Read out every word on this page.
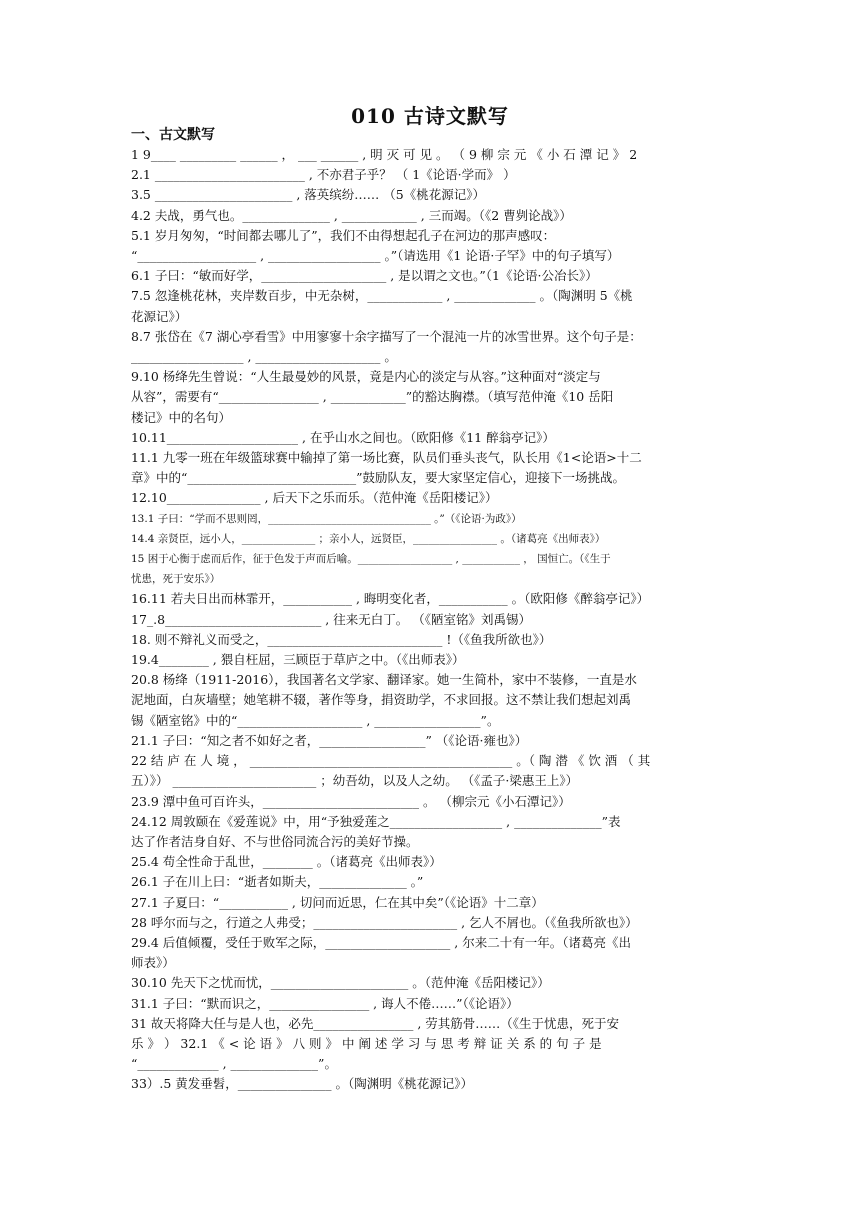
010 古诗文默写
一、古文默写
1 9____ _________ ______ ， ___ ______ , 明 灭 可 见 。 （ 9 柳 宗 元 《 小 石 潭 记 》 2
2.1 ________________________ , 不亦君子乎？ （ 1《论语·学而》 ）
3.5 ______________________ , 落英缤纷…… （5《桃花源记》）
4.2 夫战，勇气也。______________ , ____________ , 三而竭。（《2 曹刿论战》）
5.1 岁月匆匆，“时间都去哪儿了”，我们不由得想起孔子在河边的那声感叹：
“___________________ , __________________ 。”（请选用《1 论语·子罕》中的句子填写）
6.1 子曰：“敏而好学，____________________ , 是以谓之文也。”（1《论语·公冶长》）
7.5 忽逢桃花林，夹岸数百步，中无杂树，____________ , _____________ 。（陶渊明 5《桃
花源记》）
8.7 张岱在《7 湖心亭看雪》中用寥寥十余字描写了一个混沌一片的冰雪世界。这个句子是：
__________________ , ____________________ 。
9.10 杨绛先生曾说：“人生最曼妙的风景，竟是内心的淡定与从容。”这种面对“淡定与
从容”，需要有“________________ , ____________”的豁达胸襟。（填写范仲淹《10 岳阳
楼记》中的名句）
10.11_____________________ , 在乎山水之间也。（欧阳修《11 醉翁亭记》）
11.1 九零一班在年级篮球赛中输掉了第一场比赛，队员们垂头丧气，队长用《1<论语>十二
章》中的“___________________________”鼓励队友，要大家坚定信心，迎接下一场挑战。
12.10_______________ , 后天下之乐而乐。（范仲淹《岳阳楼记》）
13.1 子曰：“学而不思则罔，_______________________________ 。”（《论语·为政》）
14.4 亲贤臣，远小人，______________ ；亲小人，远贤臣，________________ 。（诸葛亮《出师表》）
15 困于心衡于虑而后作，征于色发于声而后喻。__________________ , ___________ ， 国恒亡。（《生于
忧患，死于安乐》）
16.11 若夫日出而林霏开，___________ , 晦明变化者，___________ 。（欧阳修《醉翁亭记》）
17_.8_________________________ , 往来无白丁。 （《陋室铭》刘禹锡）
18. 则不辩礼义而受之，____________________________ !（《鱼我所欲也》）
19.4________ , 猥自枉屈，三顾臣于草庐之中。（《出师表》）
20.8 杨绛（1911-2016），我国著名文学家、翻译家。她一生简朴，家中不装修，一直是水
泥地面，白灰墙壁；她笔耕不辍，著作等身，捐资助学，不求回报。这不禁让我们想起刘禹
锡《陋室铭》中的“____________________ , _________________”。
21.1 子曰：“知之者不如好之者，_________________” （《论语·雍也》）
22 结 庐 在 人 境 ， __________________________________________ 。（ 陶 潜 《 饮 酒 （ 其
五）》） _______________________ ；幼吾幼，以及人之幼。 （《孟子·梁惠王上》）
23.9 潭中鱼可百许头，_________________________ 。 （柳宗元《小石潭记》）
24.12 周敦颐在《爱莲说》中，用“予独爱莲之__________________ , ______________”表
达了作者洁身自好、不与世俗同流合污的美好节操。
25.4 苟全性命于乱世，________ 。（诸葛亮《出师表》）
26.1 子在川上曰：“逝者如斯夫，______________ 。”
27.1 子夏曰：“___________ , 切问而近思，仁在其中矣”（《论语》十二章）
28 呼尔而与之，行道之人弗受；_______________________ , 乞人不屑也。（《鱼我所欲也》）
29.4 后值倾覆，受任于败军之际，____________________ , 尔来二十有一年。（诸葛亮《出
师表》）
30.10 先天下之忧而忧，______________________ 。（范仲淹《岳阳楼记》）
31.1 子曰：“默而识之，________________ , 诲人不倦……”（《论语》）
31 故天将降大任与是人也，必先________________ , 劳其筋骨……（《生于忧患，死于安
乐 》 ） 32.1 《 < 论 语 》 八 则 》 中 阐 述 学 习 与 思 考 辩 证 关 系 的 句 子 是
“_____________ , ______________”。
33）.5 黄发垂髫，_______________ 。（陶渊明《桃花源记》）
